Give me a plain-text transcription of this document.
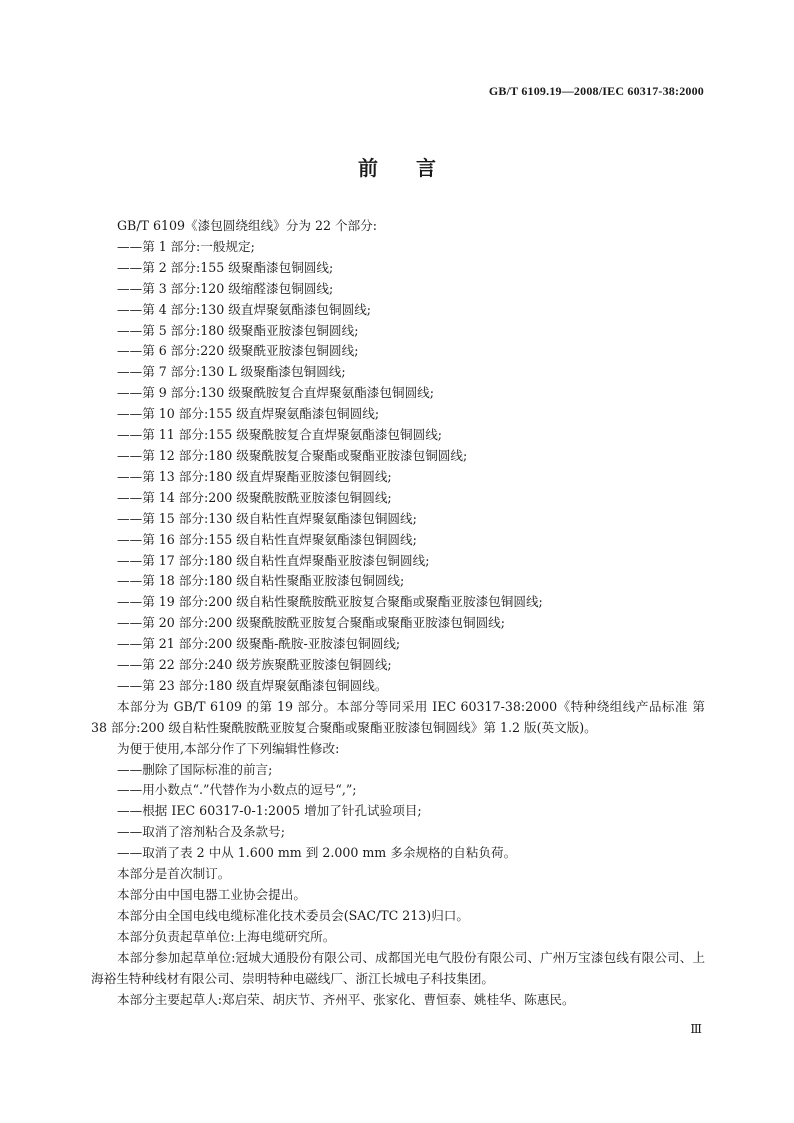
GB/T 6109.19—2008/IEC 60317-38:2000
前言

GB/T 6109《漆包圆绕组线》分为 22 个部分:

——第 1 部分:一般规定;

——第 2 部分:155 级聚酯漆包铜圆线;

——第 3 部分:120 级缩醛漆包铜圆线;

——第 4 部分:130 级直焊聚氨酯漆包铜圆线;

——第 5 部分:180 级聚酯亚胺漆包铜圆线;

——第 6 部分:220 级聚酰亚胺漆包铜圆线;

——第 7 部分:130 L 级聚酯漆包铜圆线;

——第 9 部分:130 级聚酰胺复合直焊聚氨酯漆包铜圆线;

——第 10 部分:155 级直焊聚氨酯漆包铜圆线;

——第 11 部分:155 级聚酰胺复合直焊聚氨酯漆包铜圆线;

——第 12 部分:180 级聚酰胺复合聚酯或聚酯亚胺漆包铜圆线;

——第 13 部分:180 级直焊聚酯亚胺漆包铜圆线;

——第 14 部分:200 级聚酰胺酰亚胺漆包铜圆线;

——第 15 部分:130 级自粘性直焊聚氨酯漆包铜圆线;

——第 16 部分:155 级自粘性直焊聚氨酯漆包铜圆线;

——第 17 部分:180 级自粘性直焊聚酯亚胺漆包铜圆线;

——第 18 部分:180 级自粘性聚酯亚胺漆包铜圆线;

——第 19 部分:200 级自粘性聚酰胺酰亚胺复合聚酯或聚酯亚胺漆包铜圆线;

——第 20 部分:200 级聚酰胺酰亚胺复合聚酯或聚酯亚胺漆包铜圆线;

——第 21 部分:200 级聚酯-酰胺-亚胺漆包铜圆线;

——第 22 部分:240 级芳族聚酰亚胺漆包铜圆线;

——第 23 部分:180 级直焊聚氨酯漆包铜圆线。

本部分为 GB/T 6109 的第 19 部分。本部分等同采用 IEC 60317-38:2000《特种绕组线产品标准 第 38 部分:200 级自粘性聚酰胺酰亚胺复合聚酯或聚酯亚胺漆包铜圆线》第 1.2 版(英文版)。

为便于使用,本部分作了下列编辑性修改:

——删除了国际标准的前言;

——用小数点“.”代替作为小数点的逗号“,”;

——根据 IEC 60317-0-1:2005 增加了针孔试验项目;

——取消了溶剂粘合及条款号;

——取消了表 2 中从 1.600 mm 到 2.000 mm 多余规格的自粘负荷。

本部分是首次制订。

本部分由中国电器工业协会提出。

本部分由全国电线电缆标准化技术委员会(SAC/TC 213)归口。

本部分负责起草单位:上海电缆研究所。

本部分参加起草单位:冠城大通股份有限公司、成都国光电气股份有限公司、广州万宝漆包线有限公司、上海裕生特种线材有限公司、崇明特种电磁线厂、浙江长城电子科技集团。

本部分主要起草人:郑启荣、胡庆节、齐州平、张家化、曹恒泰、姚桂华、陈惠民。

Ⅲ
